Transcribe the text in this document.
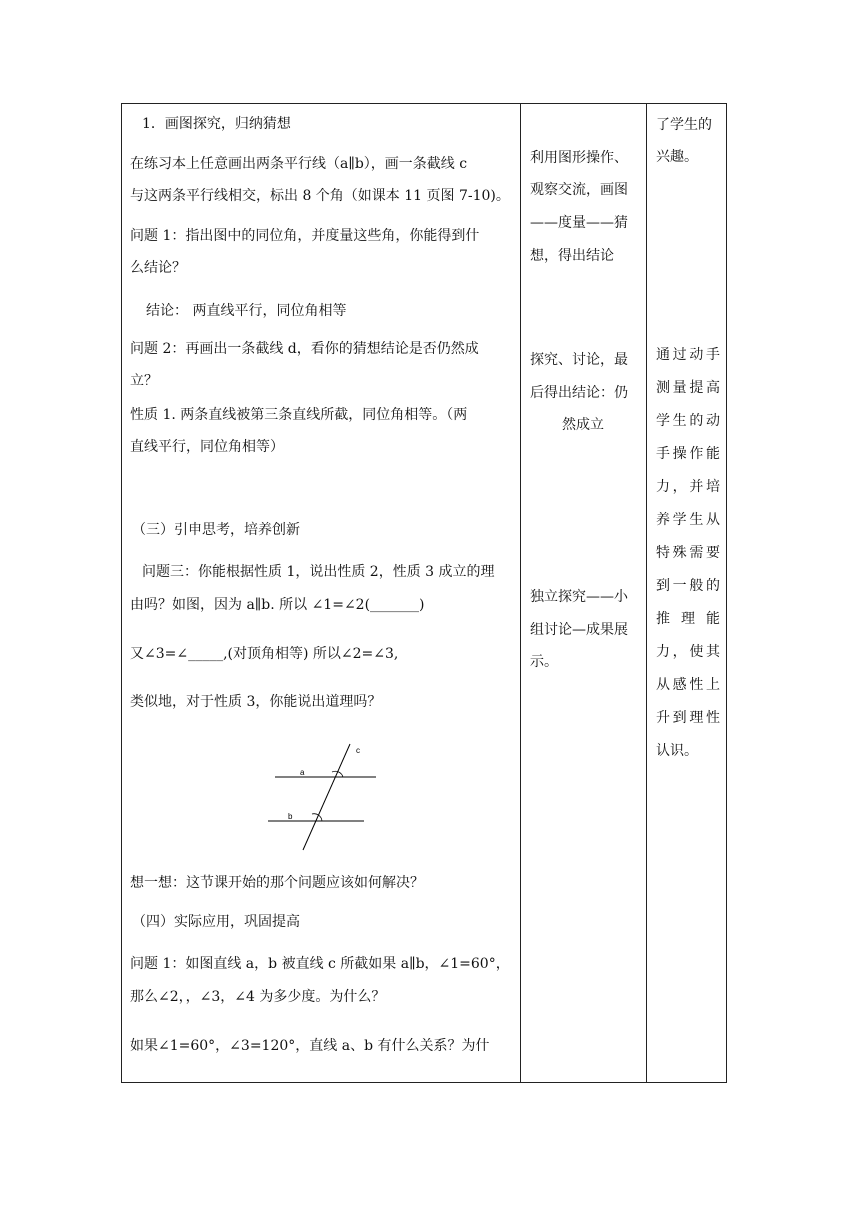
1．画图探究，归纳猜想
在练习本上任意画出两条平行线（a∥b），画一条截线 c
与这两条平行线相交，标出 8 个角（如课本 11 页图 7-10)。
问题 1：指出图中的同位角，并度量这些角，你能得到什
么结论？
结论： 两直线平行，同位角相等
问题 2：再画出一条截线 d，看你的猜想结论是否仍然成
立？
性质 1. 两条直线被第三条直线所截，同位角相等。（两
直线平行，同位角相等）
（三）引申思考，培养创新
问题三：你能根据性质 1，说出性质 2，性质 3 成立的理
由吗？如图，因为 a∥b. 所以 ∠1=∠2(_______)
又∠3=∠_____,(对顶角相等) 所以∠2=∠3,
类似地，对于性质 3，你能说出道理吗？
想一想：这节课开始的那个问题应该如何解决？
（四）实际应用，巩固提高
问题 1：如图直线 a，b 被直线 c 所截如果 a∥b，∠1=60°，
那么∠2，，∠3，∠4 为多少度。为什么？
如果∠1=60°，∠3=120°，直线 a、b 有什么关系？为什
利用图形操作、
观察交流，画图
——度量——猜
想，得出结论
探究、讨论，最
后得出结论：仍
然成立
独立探究——小
组讨论—成果展
示。
了学生的
兴趣。
通过动手
测量提高
学生的动
手操作能
力，并培
养学生从
特殊需要
到一般的
推理能
力，使其
从感性上
升到理性
认识。
a
b
c
